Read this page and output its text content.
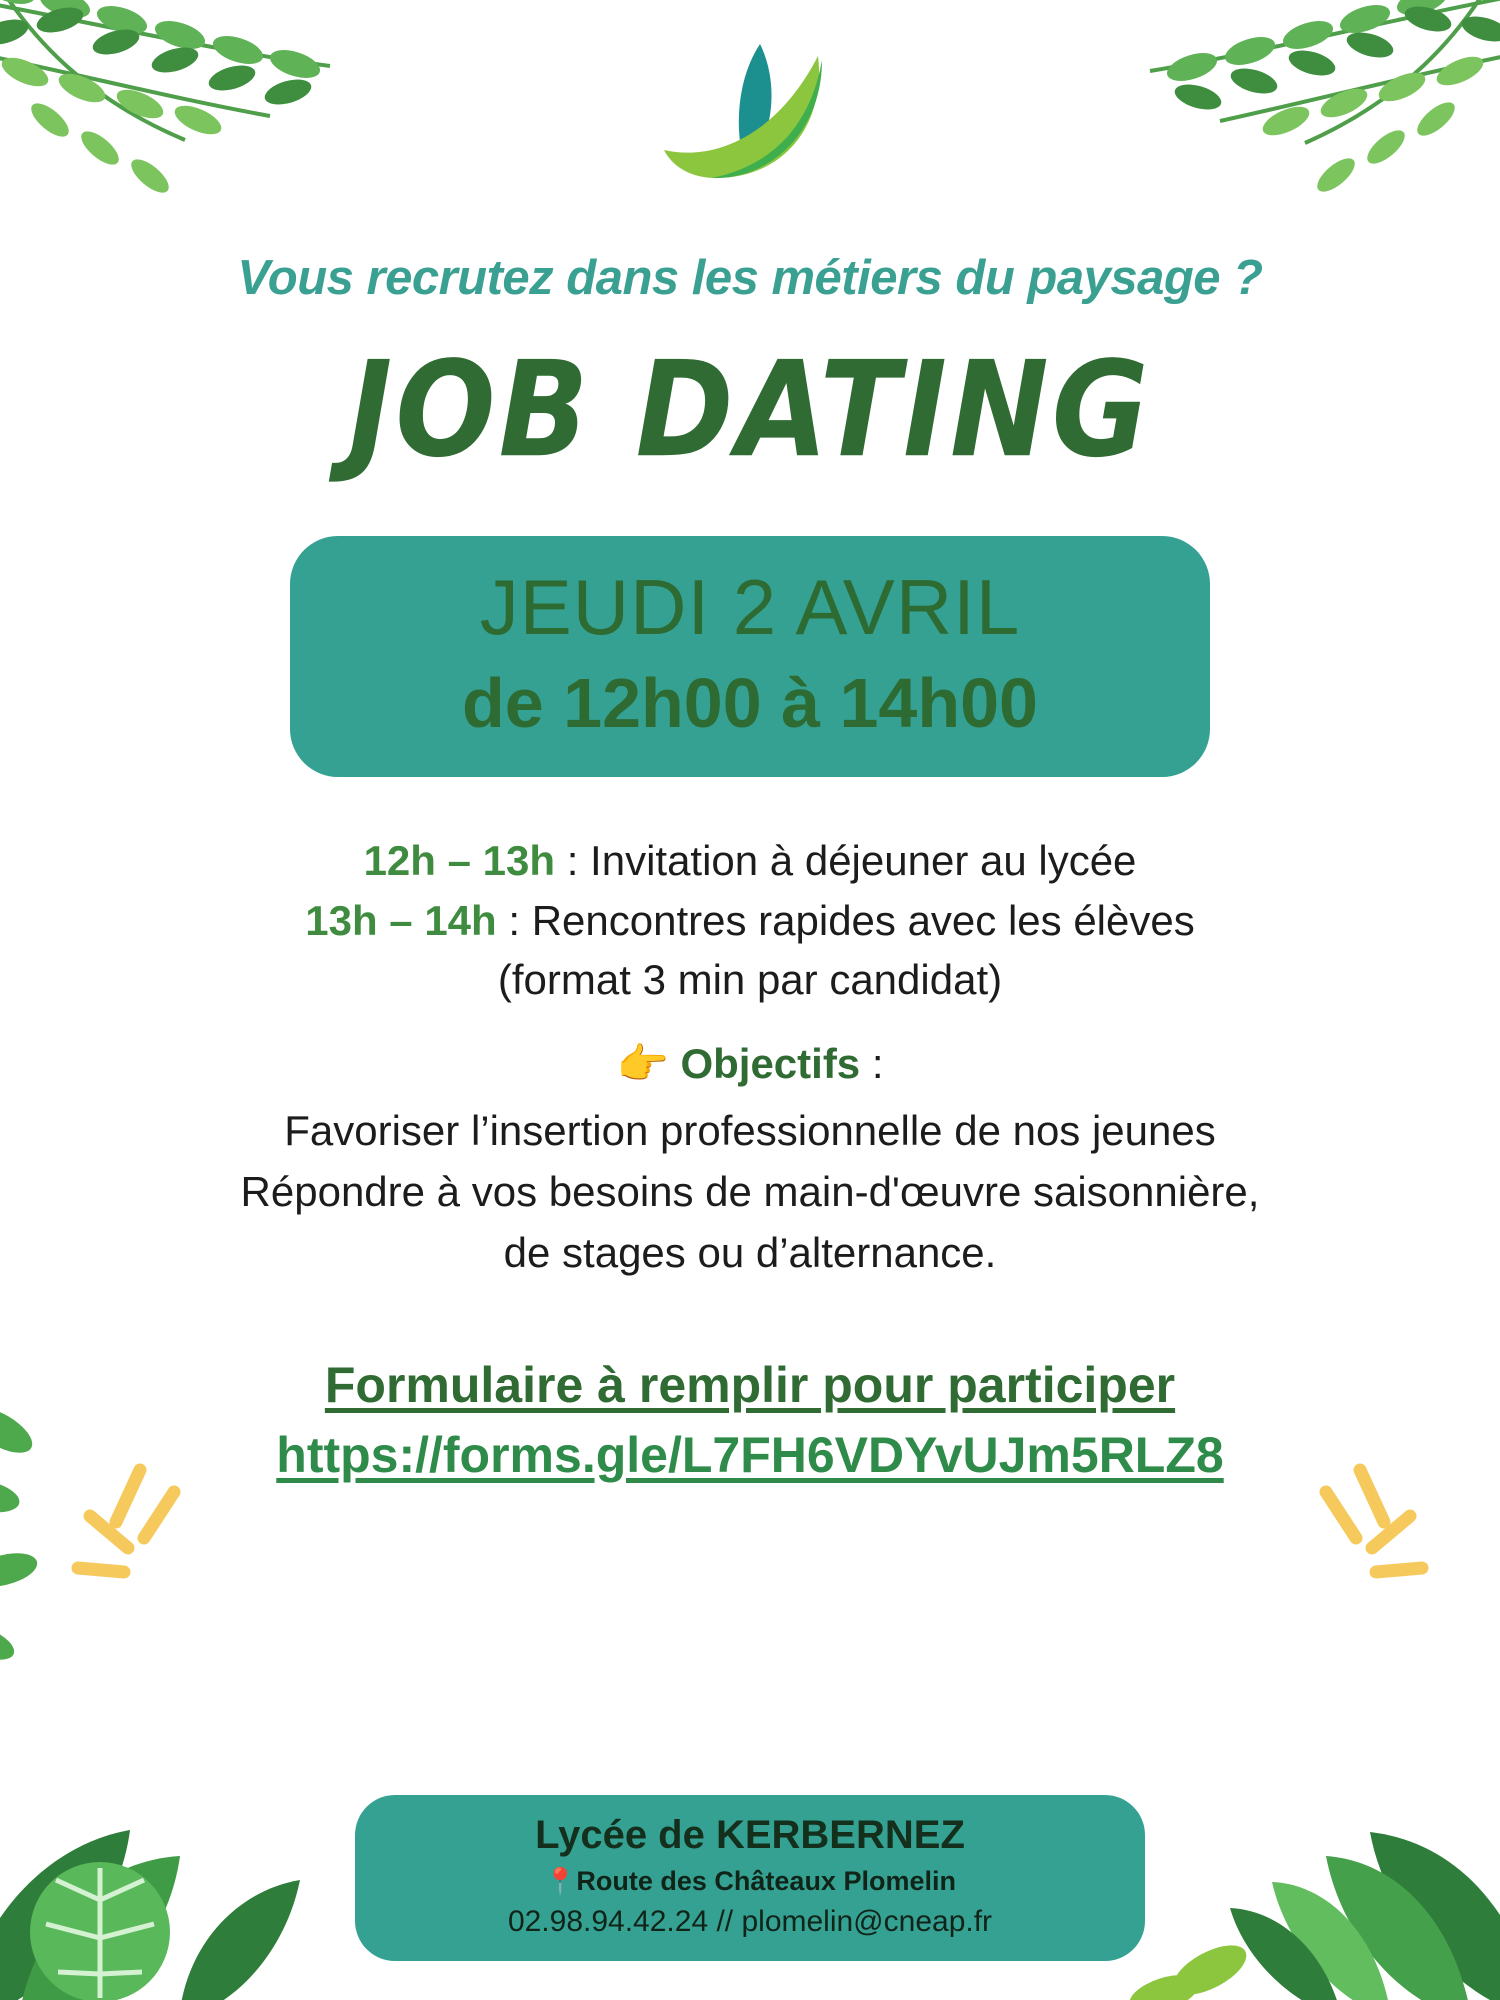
Vous recrutez dans les métiers du paysage ?
JOB DATING
JEUDI 2 AVRIL
de 12h00 à 14h00
12h – 13h : Invitation à déjeuner au lycée
13h – 14h : Rencontres rapides avec les élèves
(format 3 min par candidat)
👉 Objectifs :
Favoriser l’insertion professionnelle de nos jeunes
Répondre à vos besoins de main-d'œuvre saisonnière,
de stages ou d’alternance.
Formulaire à remplir pour participer
https://forms.gle/L7FH6VDYvUJm5RLZ8
Lycée de KERBERNEZ
📍Route des Châteaux Plomelin
02.98.94.42.24 // plomelin@cneap.fr
